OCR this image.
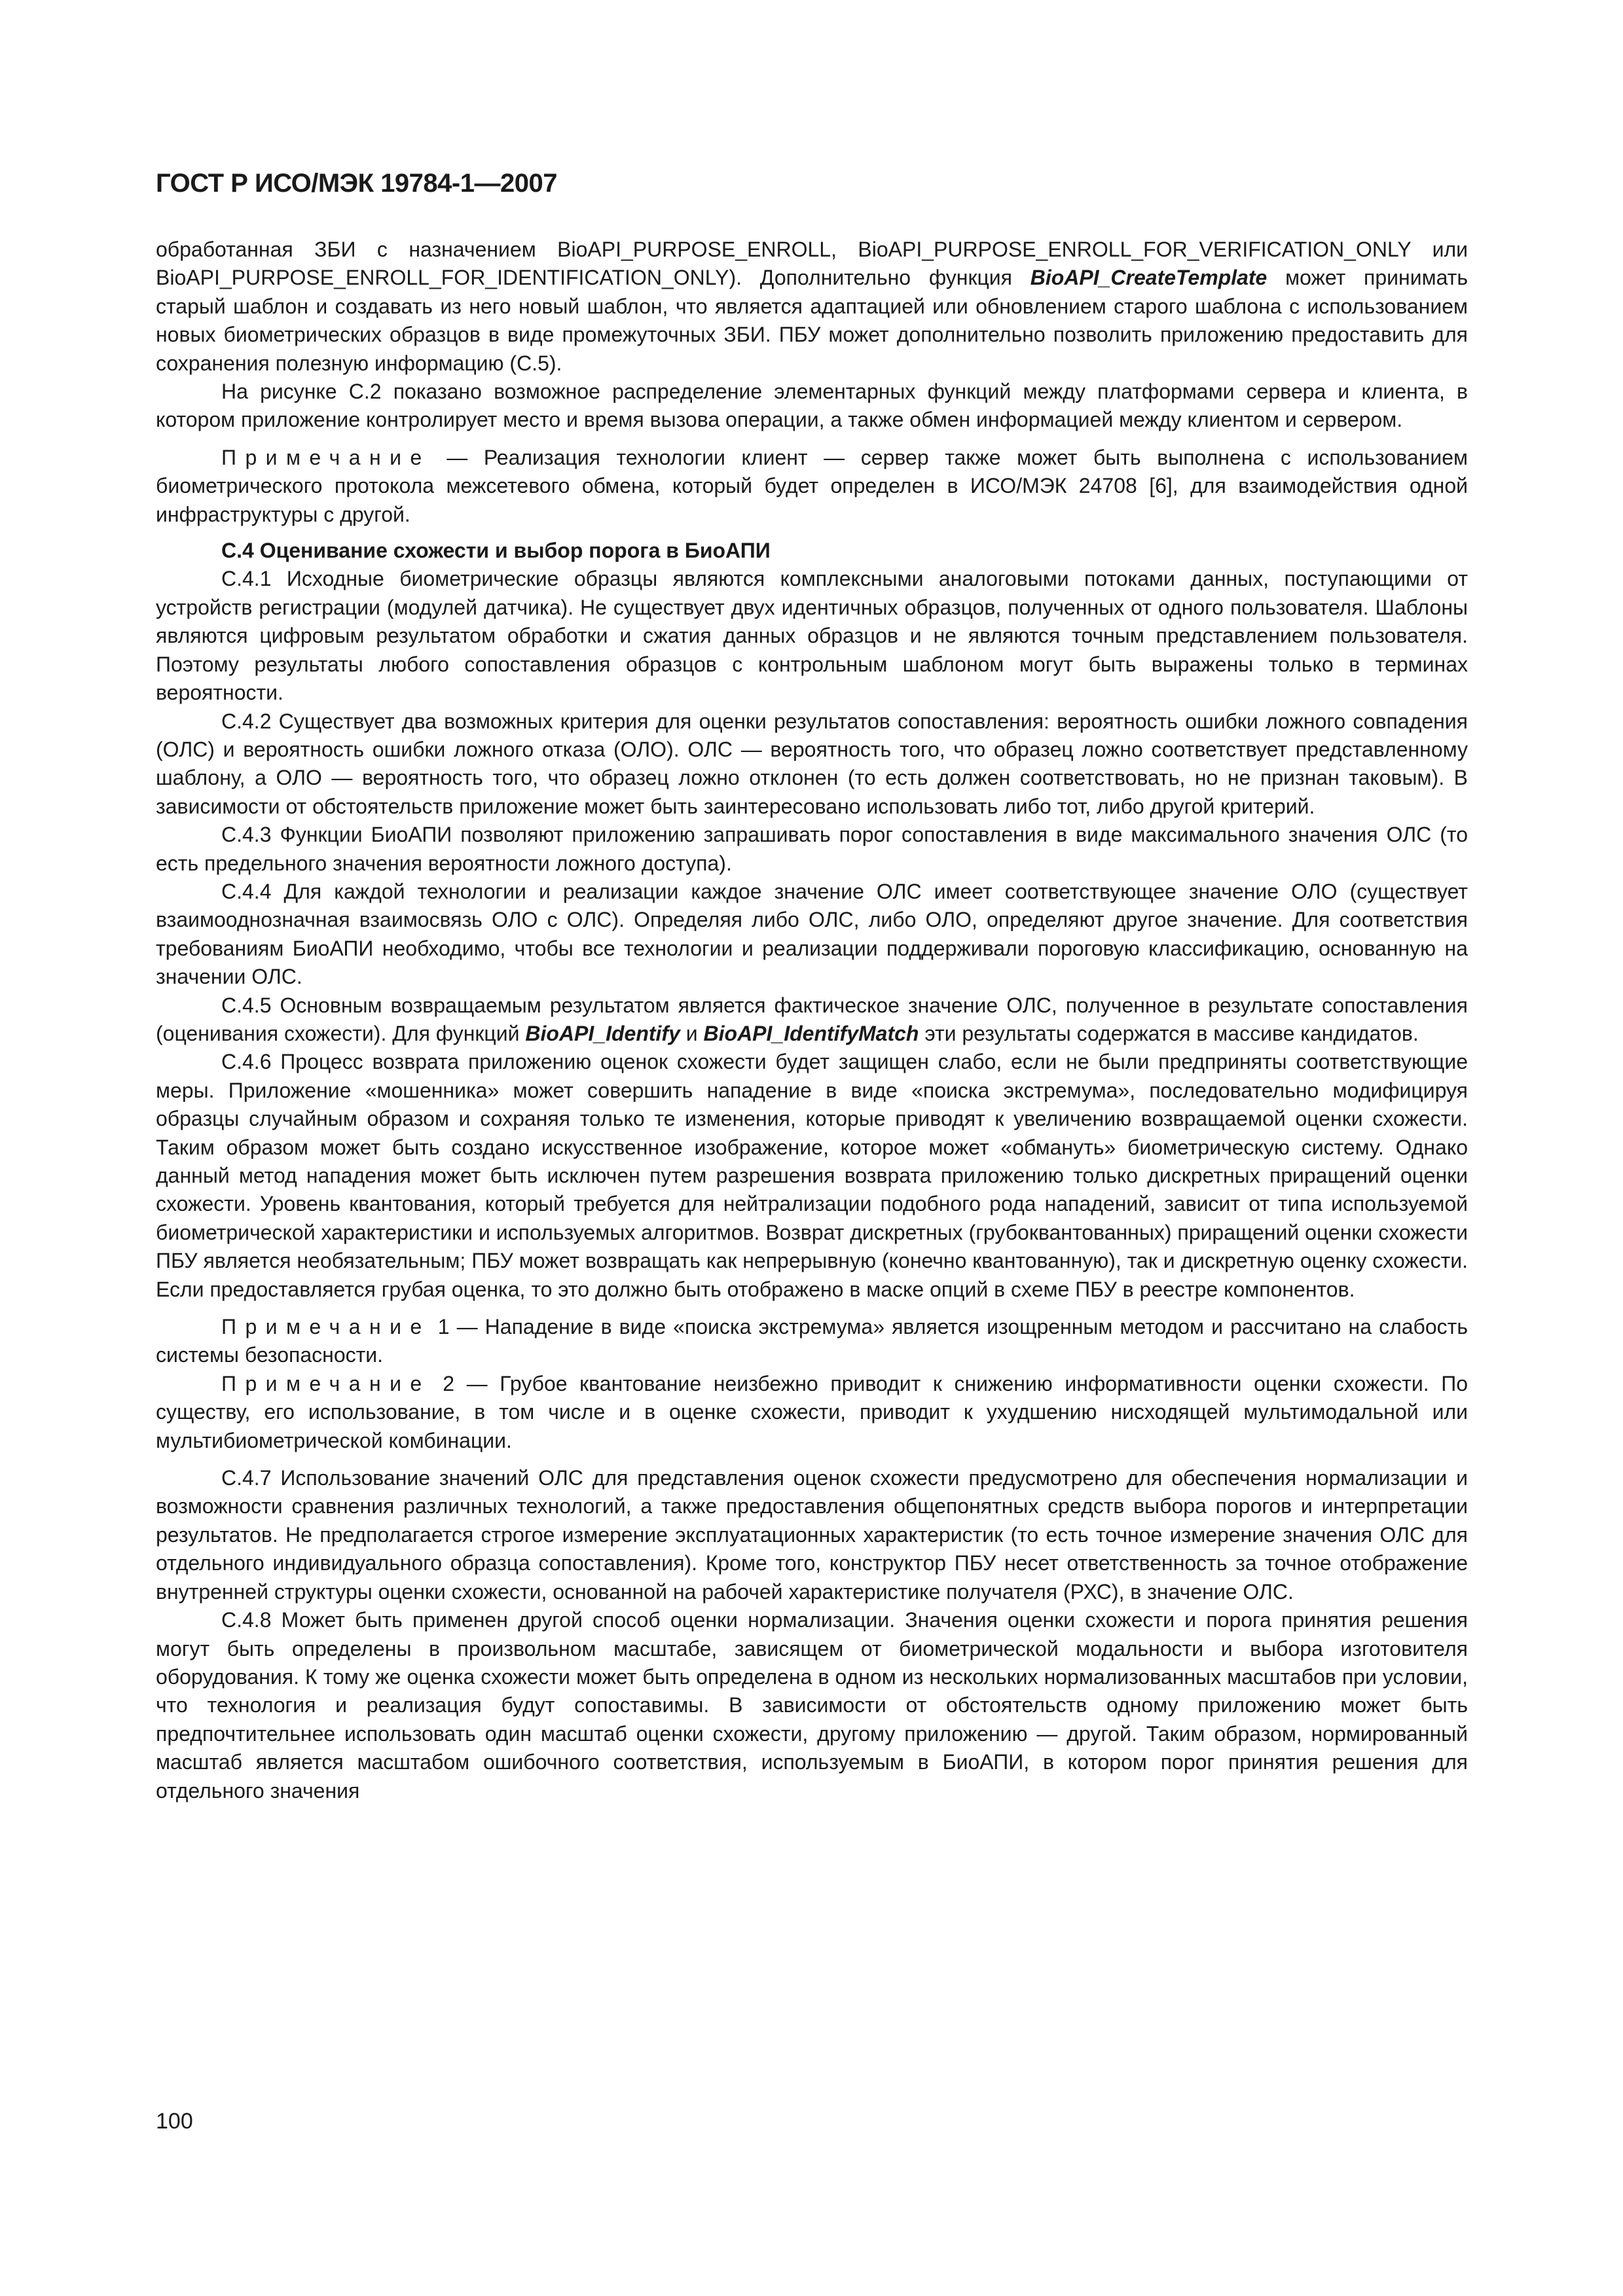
ГОСТ Р ИСО/МЭК 19784-1—2007

обработанная ЗБИ с назначением BioAPI_PURPOSE_ENROLL, BioAPI_PURPOSE_ENROLL_FOR_VERIFICATION_ONLY или BioAPI_PURPOSE_ENROLL_FOR_IDENTIFICATION_ONLY). Дополнительно функция BioAPI_CreateTemplate может принимать старый шаблон и создавать из него новый шаблон, что является адаптацией или обновлением старого шаблона с использованием новых биометрических образцов в виде промежуточных ЗБИ. ПБУ может дополнительно позволить приложению предоставить для сохранения полезную информацию (С.5).

На рисунке С.2 показано возможное распределение элементарных функций между платформами сервера и клиента, в котором приложение контролирует место и время вызова операции, а также обмен информацией между клиентом и сервером.

Примечание — Реализация технологии клиент — сервер также может быть выполнена с использованием биометрического протокола межсетевого обмена, который будет определен в ИСО/МЭК 24708 [6], для взаимодействия одной инфраструктуры с другой.

С.4 Оценивание схожести и выбор порога в БиоАПИ

С.4.1 Исходные биометрические образцы являются комплексными аналоговыми потоками данных, поступающими от устройств регистрации (модулей датчика). Не существует двух идентичных образцов, полученных от одного пользователя. Шаблоны являются цифровым результатом обработки и сжатия данных образцов и не являются точным представлением пользователя. Поэтому результаты любого сопоставления образцов с контрольным шаблоном могут быть выражены только в терминах вероятности.

С.4.2 Существует два возможных критерия для оценки результатов сопоставления: вероятность ошибки ложного совпадения (ОЛС) и вероятность ошибки ложного отказа (ОЛО). ОЛС — вероятность того, что образец ложно соответствует представленному шаблону, а ОЛО — вероятность того, что образец ложно отклонен (то есть должен соответствовать, но не признан таковым). В зависимости от обстоятельств приложение может быть заинтересовано использовать либо тот, либо другой критерий.

С.4.3 Функции БиоАПИ позволяют приложению запрашивать порог сопоставления в виде максимального значения ОЛС (то есть предельного значения вероятности ложного доступа).

С.4.4 Для каждой технологии и реализации каждое значение ОЛС имеет соответствующее значение ОЛО (существует взаимооднозначная взаимосвязь ОЛО с ОЛС). Определяя либо ОЛС, либо ОЛО, определяют другое значение. Для соответствия требованиям БиоАПИ необходимо, чтобы все технологии и реализации поддерживали пороговую классификацию, основанную на значении ОЛС.

С.4.5 Основным возвращаемым результатом является фактическое значение ОЛС, полученное в результате сопоставления (оценивания схожести). Для функций BioAPI_Identify и BioAPI_IdentifyMatch эти результаты содержатся в массиве кандидатов.

С.4.6 Процесс возврата приложению оценок схожести будет защищен слабо, если не были предприняты соответствующие меры. Приложение «мошенника» может совершить нападение в виде «поиска экстремума», последовательно модифицируя образцы случайным образом и сохраняя только те изменения, которые приводят к увеличению возвращаемой оценки схожести. Таким образом может быть создано искусственное изображение, которое может «обмануть» биометрическую систему. Однако данный метод нападения может быть исключен путем разрешения возврата приложению только дискретных приращений оценки схожести. Уровень квантования, который требуется для нейтрализации подобного рода нападений, зависит от типа используемой биометрической характеристики и используемых алгоритмов. Возврат дискретных (грубоквантованных) приращений оценки схожести ПБУ является необязательным; ПБУ может возвращать как непрерывную (конечно квантованную), так и дискретную оценку схожести. Если предоставляется грубая оценка, то это должно быть отображено в маске опций в схеме ПБУ в реестре компонентов.

Примечание 1 — Нападение в виде «поиска экстремума» является изощренным методом и рассчитано на слабость системы безопасности.

Примечание 2 — Грубое квантование неизбежно приводит к снижению информативности оценки схожести. По существу, его использование, в том числе и в оценке схожести, приводит к ухудшению нисходящей мультимодальной или мультибиометрической комбинации.

С.4.7 Использование значений ОЛС для представления оценок схожести предусмотрено для обеспечения нормализации и возможности сравнения различных технологий, а также предоставления общепонятных средств выбора порогов и интерпретации результатов. Не предполагается строгое измерение эксплуатационных характеристик (то есть точное измерение значения ОЛС для отдельного индивидуального образца сопоставления). Кроме того, конструктор ПБУ несет ответственность за точное отображение внутренней структуры оценки схожести, основанной на рабочей характеристике получателя (РХС), в значение ОЛС.

С.4.8 Может быть применен другой способ оценки нормализации. Значения оценки схожести и порога принятия решения могут быть определены в произвольном масштабе, зависящем от биометрической модальности и выбора изготовителя оборудования. К тому же оценка схожести может быть определена в одном из нескольких нормализованных масштабов при условии, что технология и реализация будут сопоставимы. В зависимости от обстоятельств одному приложению может быть предпочтительнее использовать один масштаб оценки схожести, другому приложению — другой. Таким образом, нормированный масштаб является масштабом ошибочного соответствия, используемым в БиоАПИ, в котором порог принятия решения для отдельного значения

100
